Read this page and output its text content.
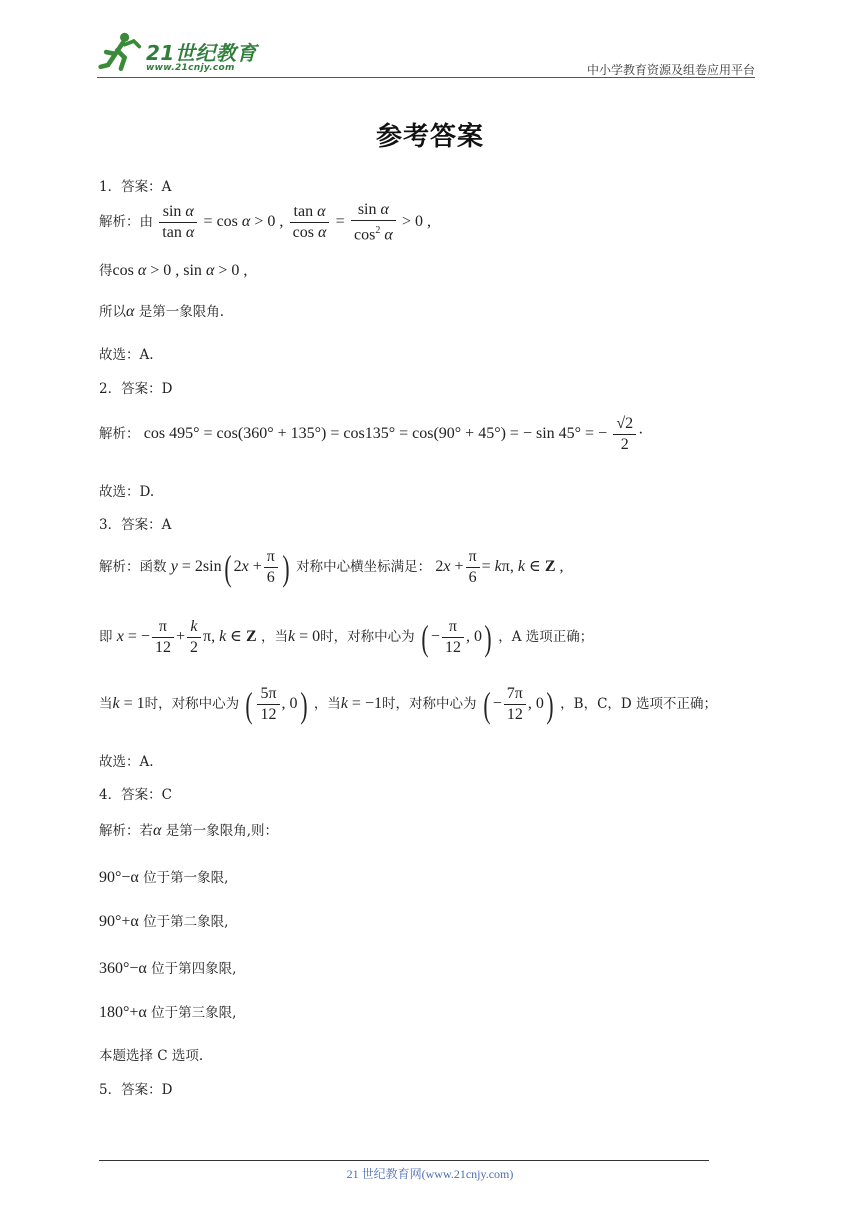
21世纪教育
www.21cnjy.com	中小学教育资源及组卷应用平台
参考答案
1．答案：A
解析：由 $\frac{\text{sin α}}{\text{tan α}} = \cos \alpha > 0$ , $\frac{\text{tan α}}{\text{cos α}} = \frac{\text{sin α}}{\cos^2 \alpha} > 0$ ,
得cos α > 0 , sin α > 0 ,
所以α 是第一象限角.
故选：A.
2．答案：D
解析： cos 495° = cos(360° + 135°) = cos135° = cos(90° + 45°) = − sin 45° = − $\frac{√2}{2}$ ·
故选：D.
3．答案：A
解析：函数 y = 2sin( $2x + \frac{\pi}{6}$ ) 对称中心横坐标满足： $2x + \frac{\pi}{6} = k\pi$, k ∈ Z ,
即 x = − $\frac{\pi}{12} + \frac{k}{2} \pi$, k ∈ Z ，当k = 0时，对称中心为 ( − $\frac{\pi}{12}$ , 0) ，A 选项正确；
当k = 1时，对称中心为 ( $\frac{5\pi}{12}$ , 0) ，当k = −1时，对称中心为 ( − $\frac{7\pi}{12}$ , 0) ，B，C，D 选项不正确；
故选：A.
4．答案：C
解析：若α 是第一象限角,则：
90°−α 位于第一象限,
90°+α 位于第二象限,
360°−α 位于第四象限,
180°+α 位于第三象限,
本题选择 C 选项.
5．答案：D
21 世纪教育网(www.21cnjy.com)
